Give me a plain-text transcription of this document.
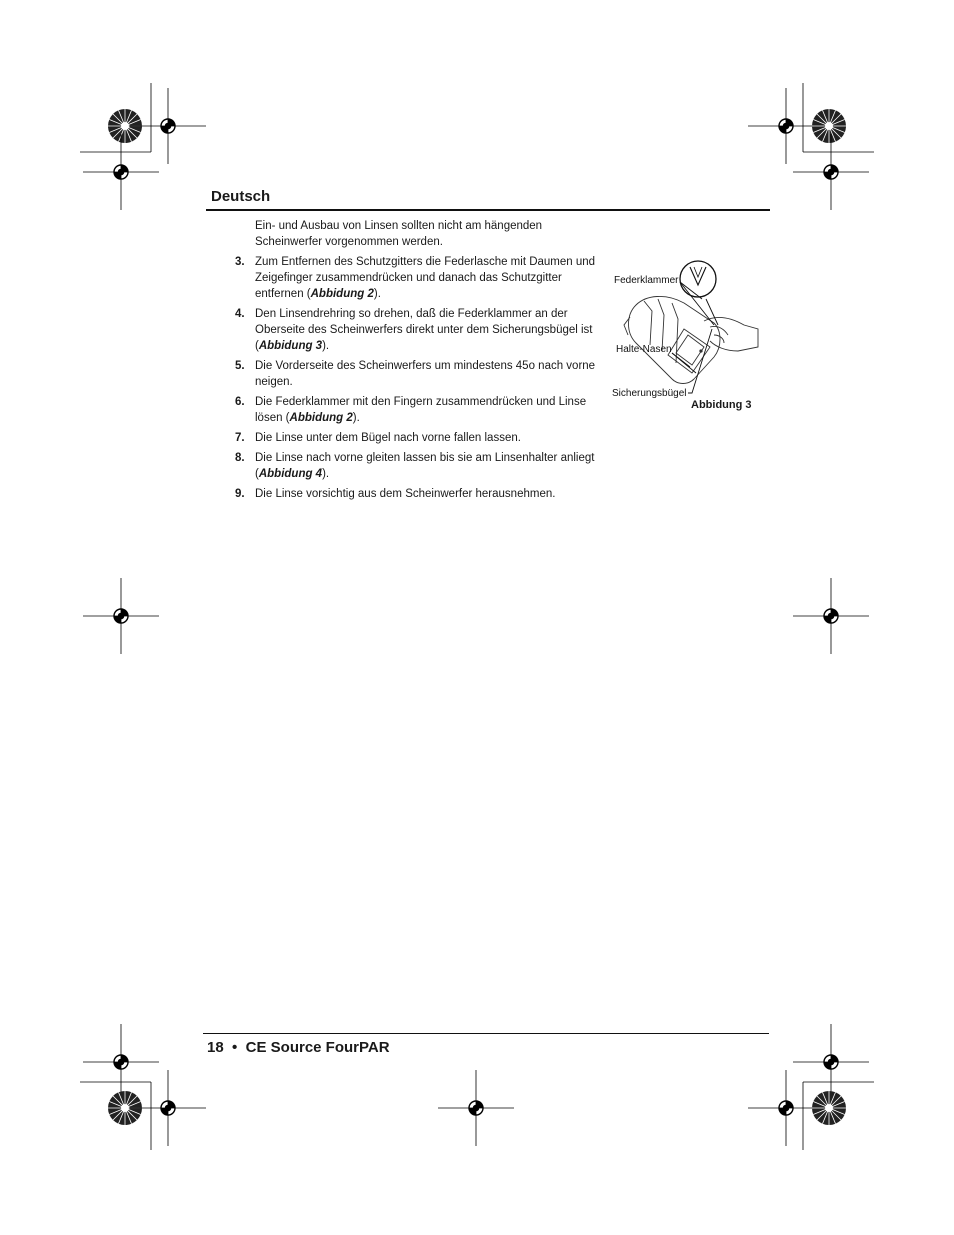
Deutsch

Ein- und Ausbau von Linsen sollten nicht am hängenden Scheinwerfer vorgenommen werden.

3. Zum Entfernen des Schutzgitters die Federlasche mit Daumen und Zeigefinger zusammendrücken und danach das Schutzgitter entfernen (Abbidung 2).
4. Den Linsendrehring so drehen, daß die Federklammer an der Oberseite des Scheinwerfers direkt unter dem Sicherungsbügel ist (Abbidung 3).
5. Die Vorderseite des Scheinwerfers um mindestens 45o nach vorne neigen.
6. Die Federklammer mit den Fingern zusammendrücken und Linse lösen (Abbidung 2).
7. Die Linse unter dem Bügel nach vorne fallen lassen.
8. Die Linse nach vorne gleiten lassen bis sie am Linsenhalter anliegt (Abbidung 4).
9. Die Linse vorsichtig aus dem Scheinwerfer herausnehmen.
Federklammer
Halte-Nasen
Sicherungsbügel
Abbidung 3

18 • CE Source FourPAR
